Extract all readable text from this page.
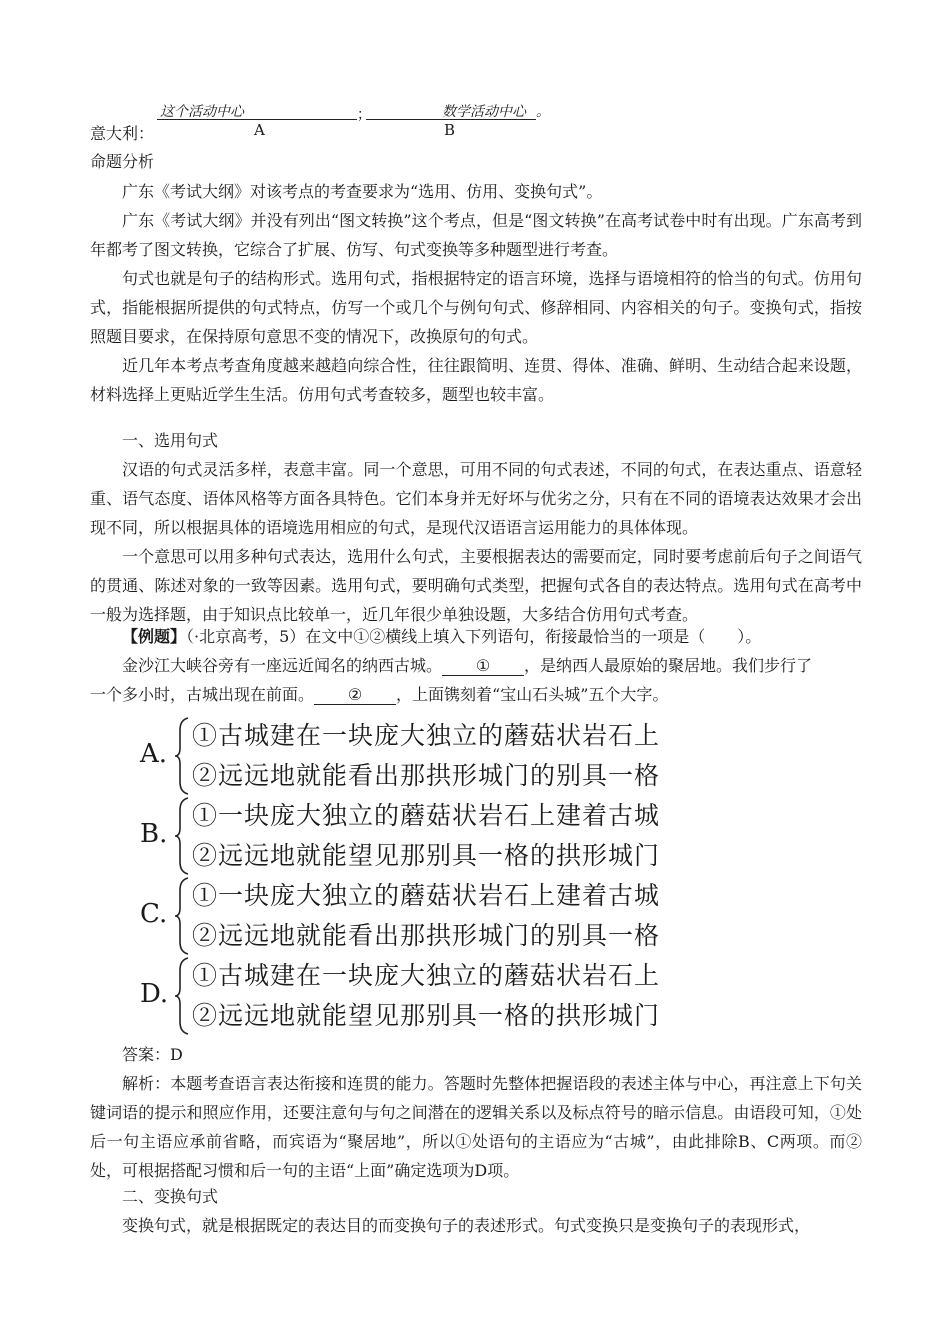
这个活动中心	；	数学活动中心 。
意大利：	A	B
命题分析
广东《考试大纲》对该考点的考查要求为“选用、仿用、变换句式”。
广东《考试大纲》并没有列出“图文转换”这个考点，但是“图文转换”在高考试卷中时有出现。广东高考到年都考了图文转换，它综合了扩展、仿写、句式变换等多种题型进行考查。
句式也就是句子的结构形式。选用句式，指根据特定的语言环境，选择与语境相符的恰当的句式。仿用句式，指能根据所提供的句式特点，仿写一个或几个与例句句式、修辞相同、内容相关的句子。变换句式，指按照题目要求，在保持原句意思不变的情况下，改换原句的句式。
近几年本考点考查角度越来越趋向综合性，往往跟简明、连贯、得体、准确、鲜明、生动结合起来设题，材料选择上更贴近学生生活。仿用句式考查较多，题型也较丰富。
一、选用句式
汉语的句式灵活多样，表意丰富。同一个意思，可用不同的句式表述，不同的句式，在表达重点、语意轻重、语气态度、语体风格等方面各具特色。它们本身并无好坏与优劣之分，只有在不同的语境表达效果才会出现不同，所以根据具体的语境选用相应的句式，是现代汉语语言运用能力的具体体现。
一个意思可以用多种句式表达，选用什么句式，主要根据表达的需要而定，同时要考虑前后句子之间语气的贯通、陈述对象的一致等因素。选用句式，要明确句式类型，把握句式各自的表达特点。选用句式在高考中一般为选择题，由于知识点比较单一，近几年很少单独设题，大多结合仿用句式考查。
【例题】（·北京高考，5）在文中①②横线上填入下列语句，衔接最恰当的一项是（　　）。
金沙江大峡谷旁有一座远近闻名的纳西古城。 ① ，是纳西人最原始的聚居地。我们步行了
一个多小时，古城出现在前面。 ② ，上面镌刻着“宝山石头城”五个大字。
A.
①古城建在一块庞大独立的蘑菇状岩石上
②远远地就能看出那拱形城门的别具一格
B.
①一块庞大独立的蘑菇状岩石上建着古城
②远远地就能望见那别具一格的拱形城门
C.
①一块庞大独立的蘑菇状岩石上建着古城
②远远地就能看出那拱形城门的别具一格
D.
①古城建在一块庞大独立的蘑菇状岩石上
②远远地就能望见那别具一格的拱形城门
答案：D
解析：本题考查语言表达衔接和连贯的能力。答题时先整体把握语段的表述主体与中心，再注意上下句关键词语的提示和照应作用，还要注意句与句之间潜在的逻辑关系以及标点符号的暗示信息。由语段可知，①处后一句主语应承前省略，而宾语为“聚居地”，所以①处语句的主语应为“古城”，由此排除B、C两项。而②处，可根据搭配习惯和后一句的主语“上面”确定选项为D项。
二、变换句式
变换句式，就是根据既定的表达目的而变换句子的表述形式。句式变换只是变换句子的表现形式，
